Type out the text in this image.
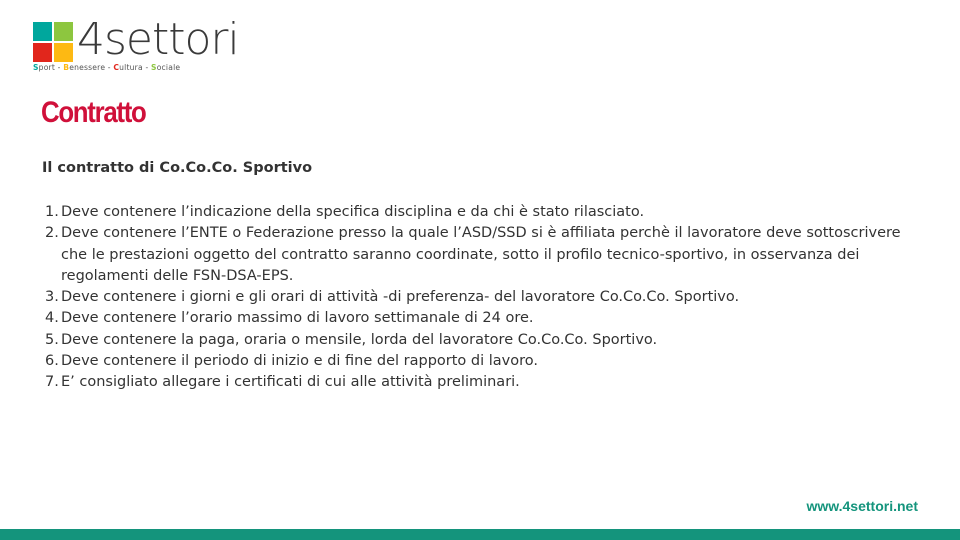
4settori
Sport - Benessere - Cultura - Sociale
Contratto
Il contratto di Co.Co.Co. Sportivo
1. Deve contenere l’indicazione della specifica disciplina e da chi è stato rilasciato.
2. Deve contenere l’ENTE o Federazione presso la quale l’ASD/SSD si è affiliata perchè il lavoratore deve sottoscrivere che le prestazioni oggetto del contratto saranno coordinate, sotto il profilo tecnico-sportivo, in osservanza dei regolamenti delle FSN-DSA-EPS.
3. Deve contenere i giorni e gli orari di attività -di preferenza- del lavoratore Co.Co.Co. Sportivo.
4. Deve contenere l’orario massimo di lavoro settimanale di 24 ore.
5. Deve contenere la paga, oraria o mensile, lorda del lavoratore Co.Co.Co. Sportivo.
6. Deve contenere il periodo di inizio e di fine del rapporto di lavoro.
7. E’ consigliato allegare i certificati di cui alle attività preliminari.
www.4settori.net
